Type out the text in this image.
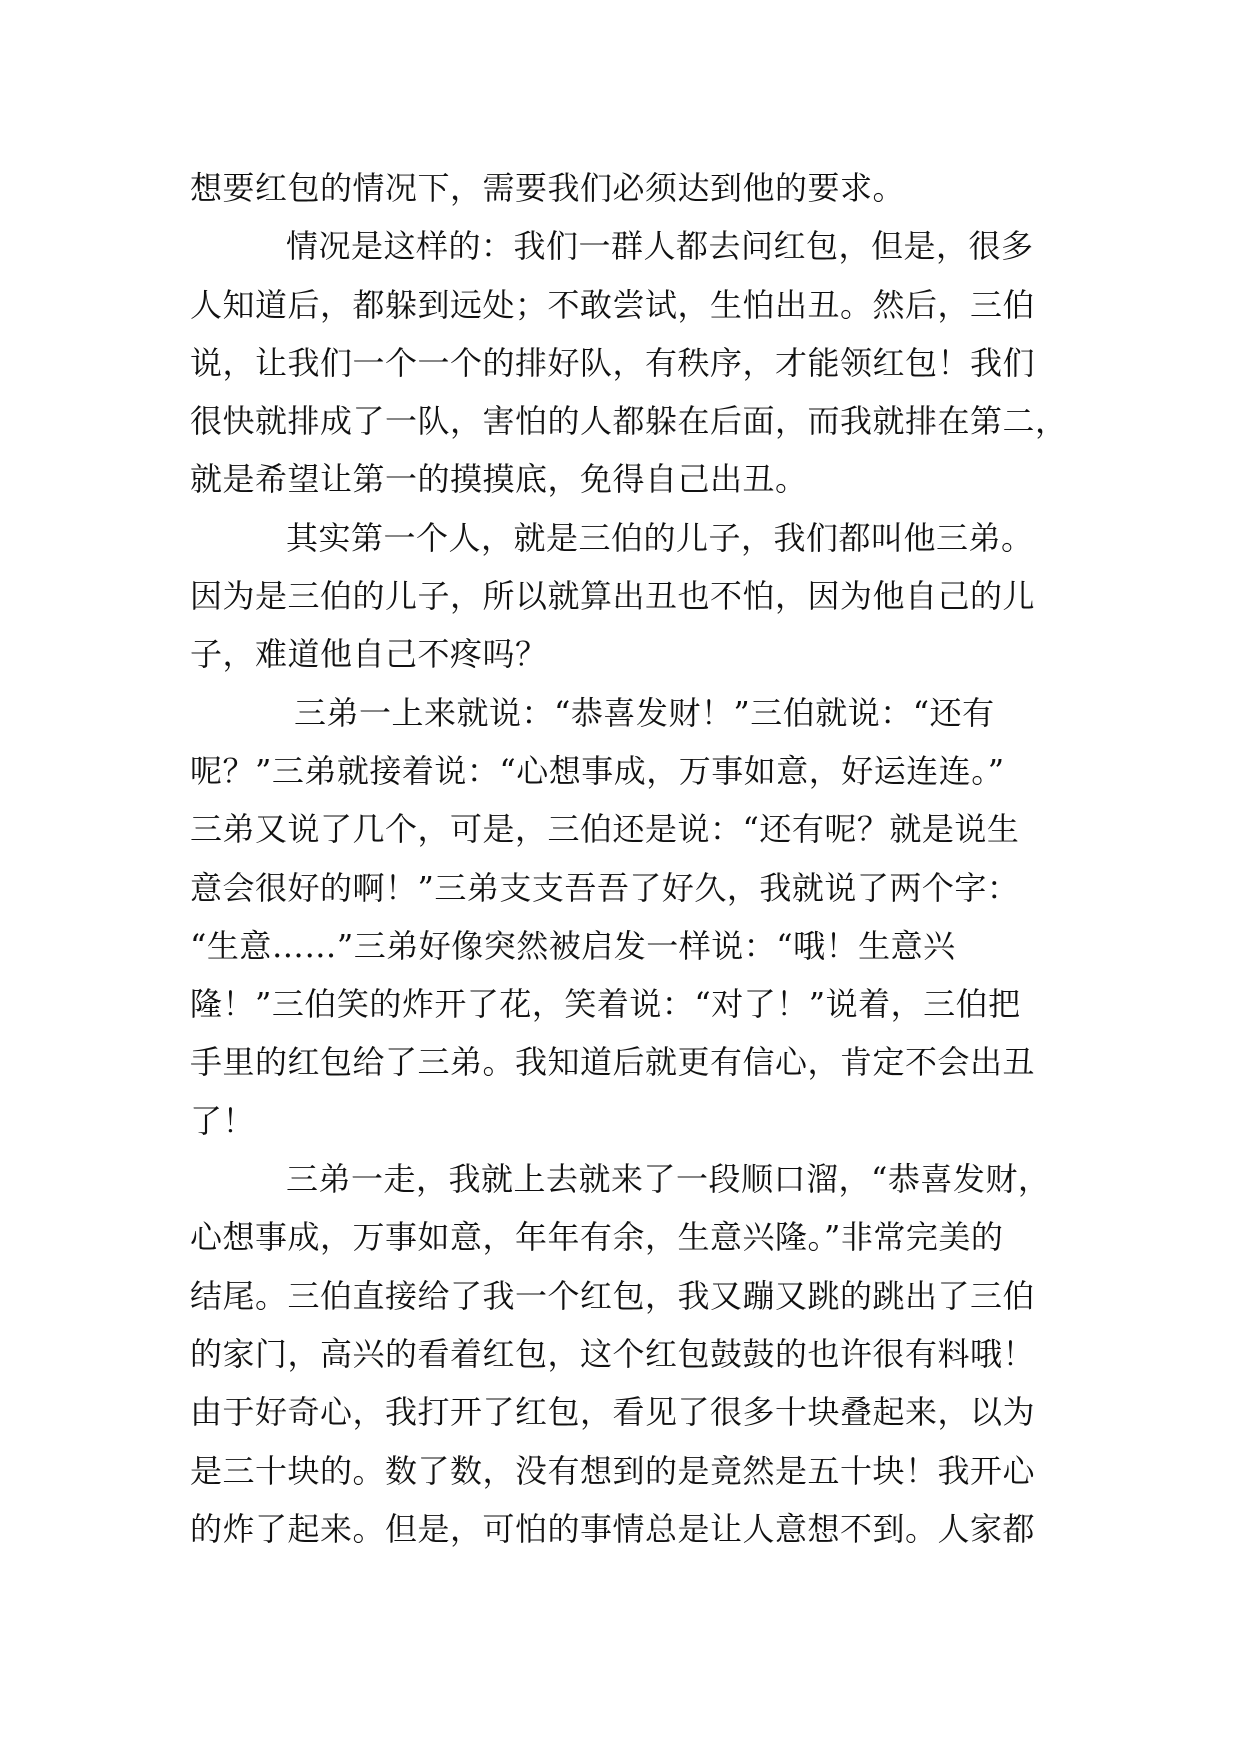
想要红包的情况下，需要我们必须达到他的要求。
情况是这样的：我们一群人都去问红包，但是，很多
人知道后，都躲到远处；不敢尝试，生怕出丑。然后，三伯
说，让我们一个一个的排好队，有秩序，才能领红包！我们
很快就排成了一队，害怕的人都躲在后面，而我就排在第二，
就是希望让第一的摸摸底，免得自己出丑。
其实第一个人，就是三伯的儿子，我们都叫他三弟。
因为是三伯的儿子，所以就算出丑也不怕，因为他自己的儿
子，难道他自己不疼吗？
三弟一上来就说：“恭喜发财！”三伯就说：“还有
呢？”三弟就接着说：“心想事成，万事如意，好运连连。”
三弟又说了几个，可是，三伯还是说：“还有呢？就是说生
意会很好的啊！”三弟支支吾吾了好久，我就说了两个字：
“生意……”三弟好像突然被启发一样说：“哦！生意兴
隆！”三伯笑的炸开了花，笑着说：“对了！”说着，三伯把
手里的红包给了三弟。我知道后就更有信心，肯定不会出丑
了！
三弟一走，我就上去就来了一段顺口溜，“恭喜发财，
心想事成，万事如意，年年有余，生意兴隆。”非常完美的
结尾。三伯直接给了我一个红包，我又蹦又跳的跳出了三伯
的家门，高兴的看着红包，这个红包鼓鼓的也许很有料哦！
由于好奇心，我打开了红包，看见了很多十块叠起来，以为
是三十块的。数了数，没有想到的是竟然是五十块！我开心
的炸了起来。但是，可怕的事情总是让人意想不到。人家都
